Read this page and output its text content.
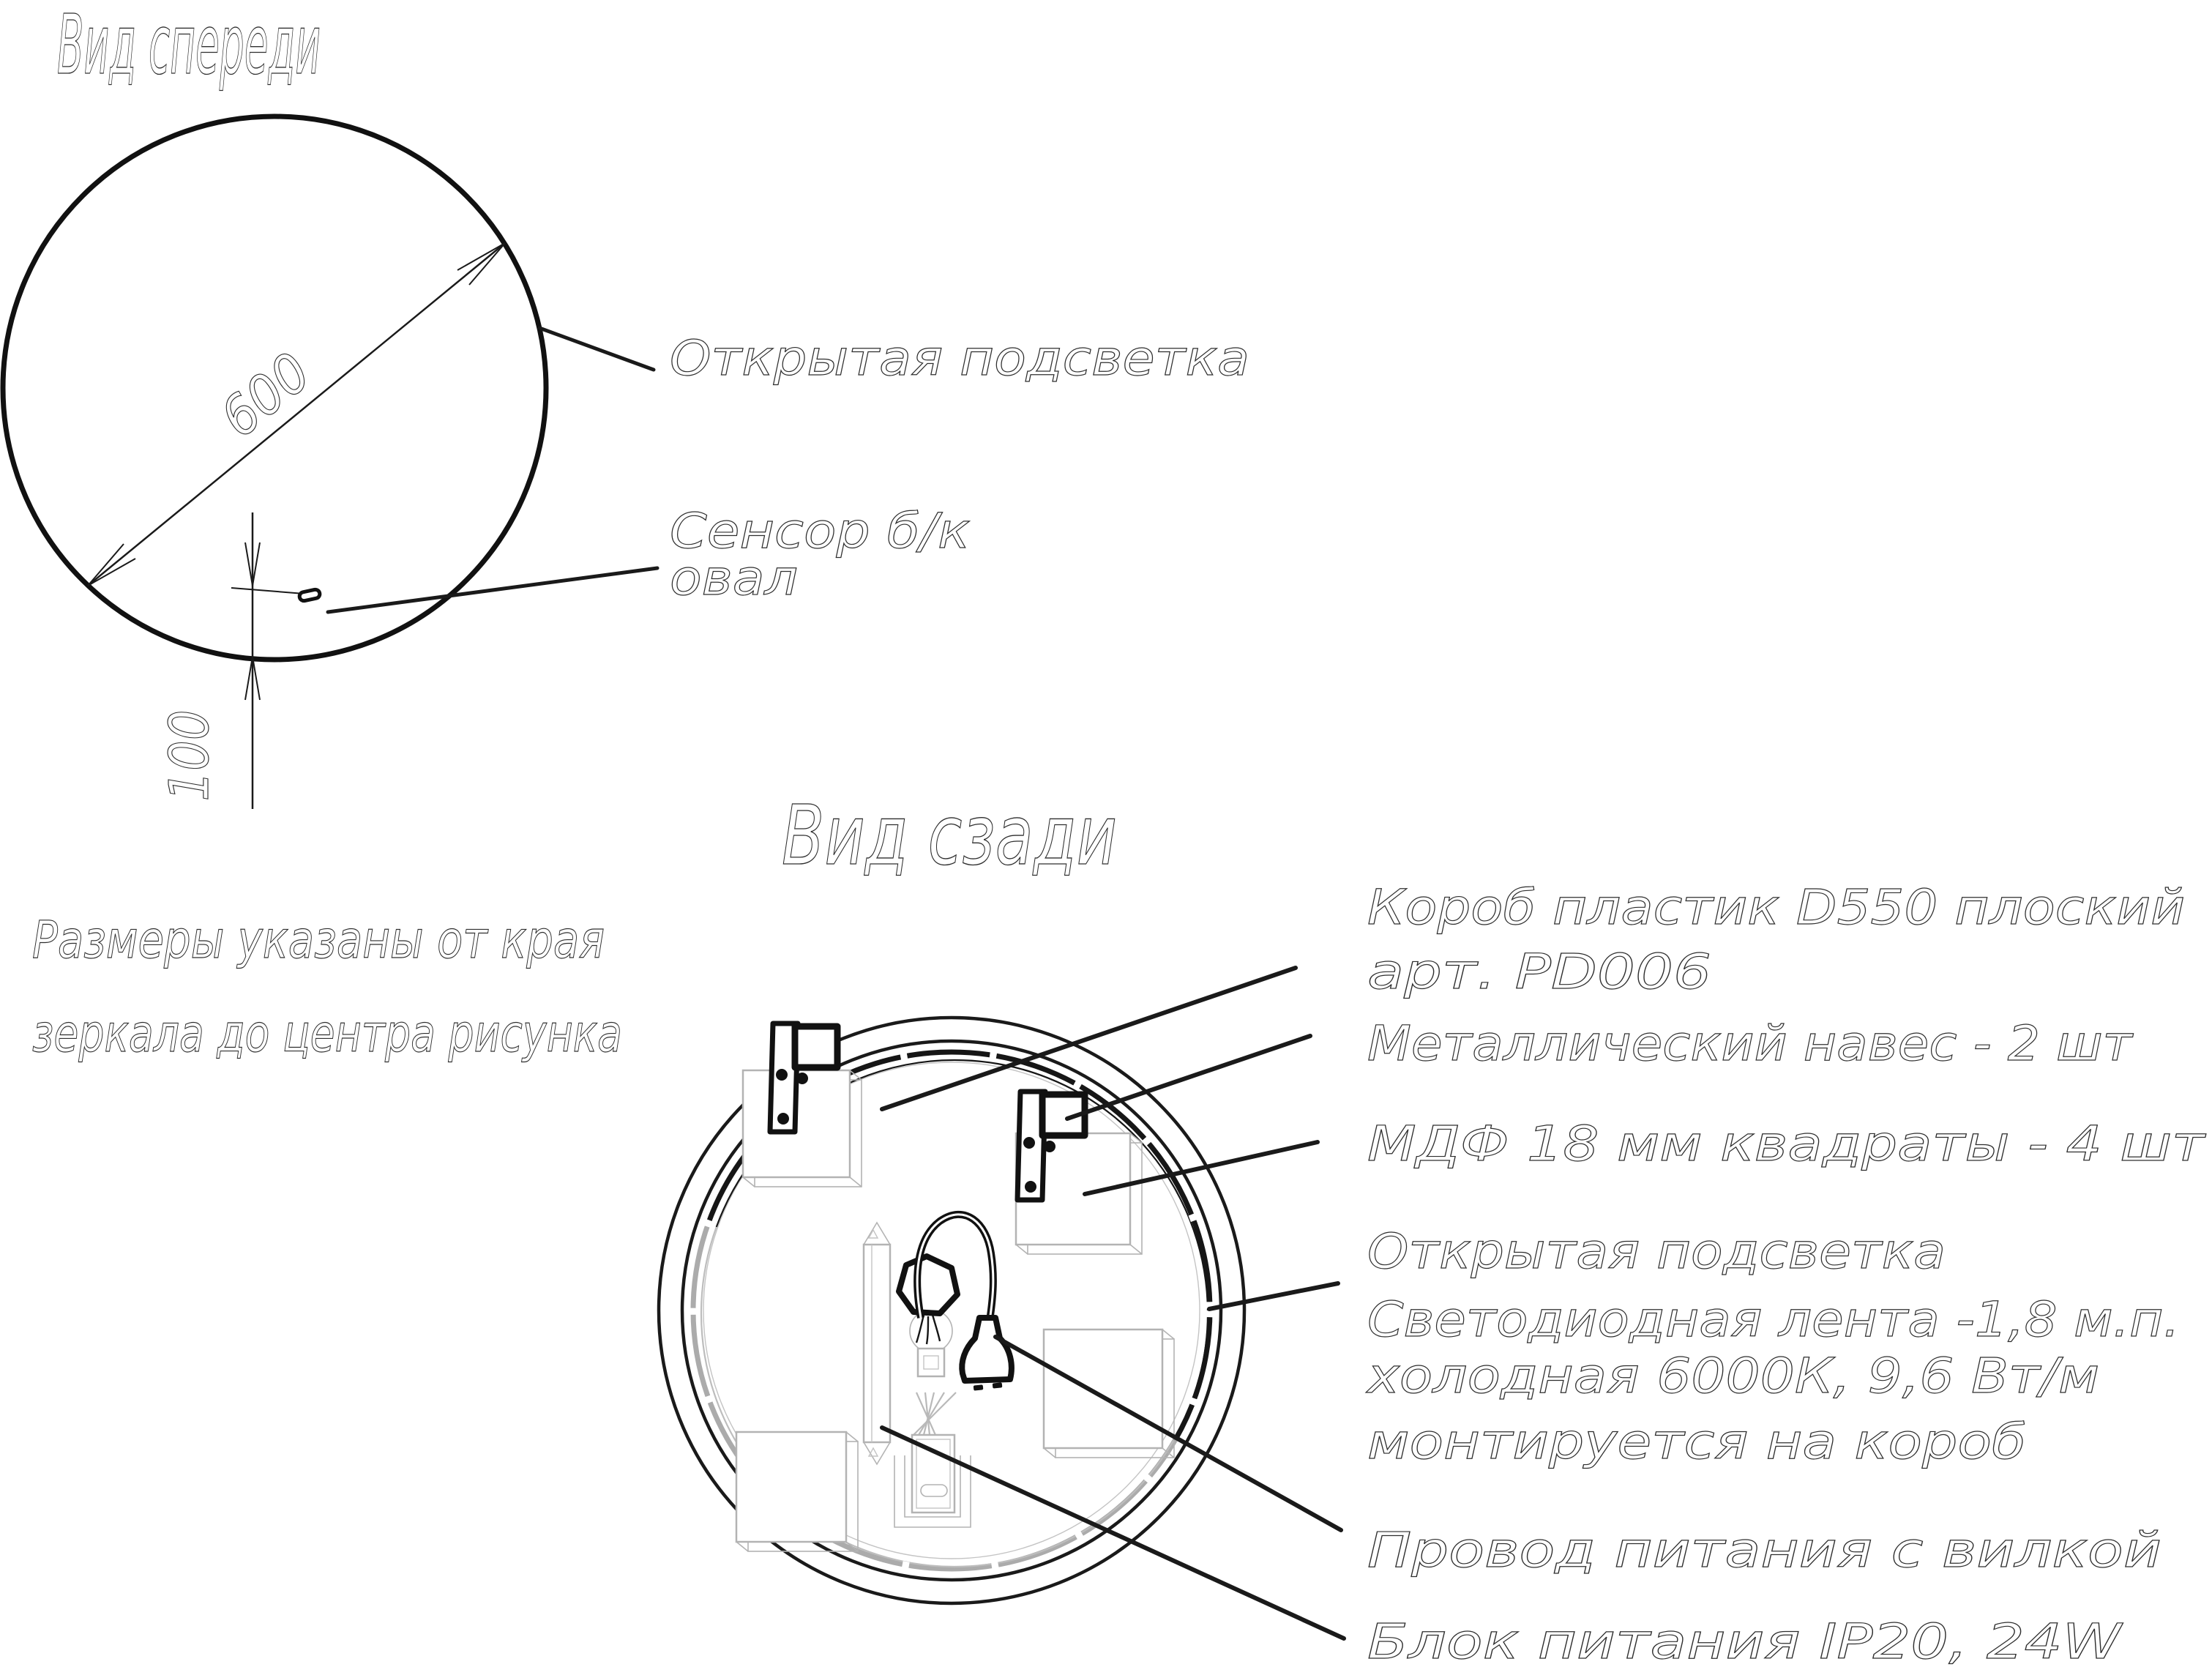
Вид спереди
600
100
Открытая подсветка
Сенсор б/к
овал
Размеры указаны от края
зеркала до центра рисунка
Вид сзади
Короб пластик D550 плоский
арт. PD006
Металлический навес - 2 шт
МДФ 18 мм квадраты - 4 шт
Открытая подсветка
Светодиодная лента -1,8 м.п.
холодная 6000К, 9,6 Вт/м
монтируется на короб
Провод питания с вилкой
Блок питания IP20, 24W
